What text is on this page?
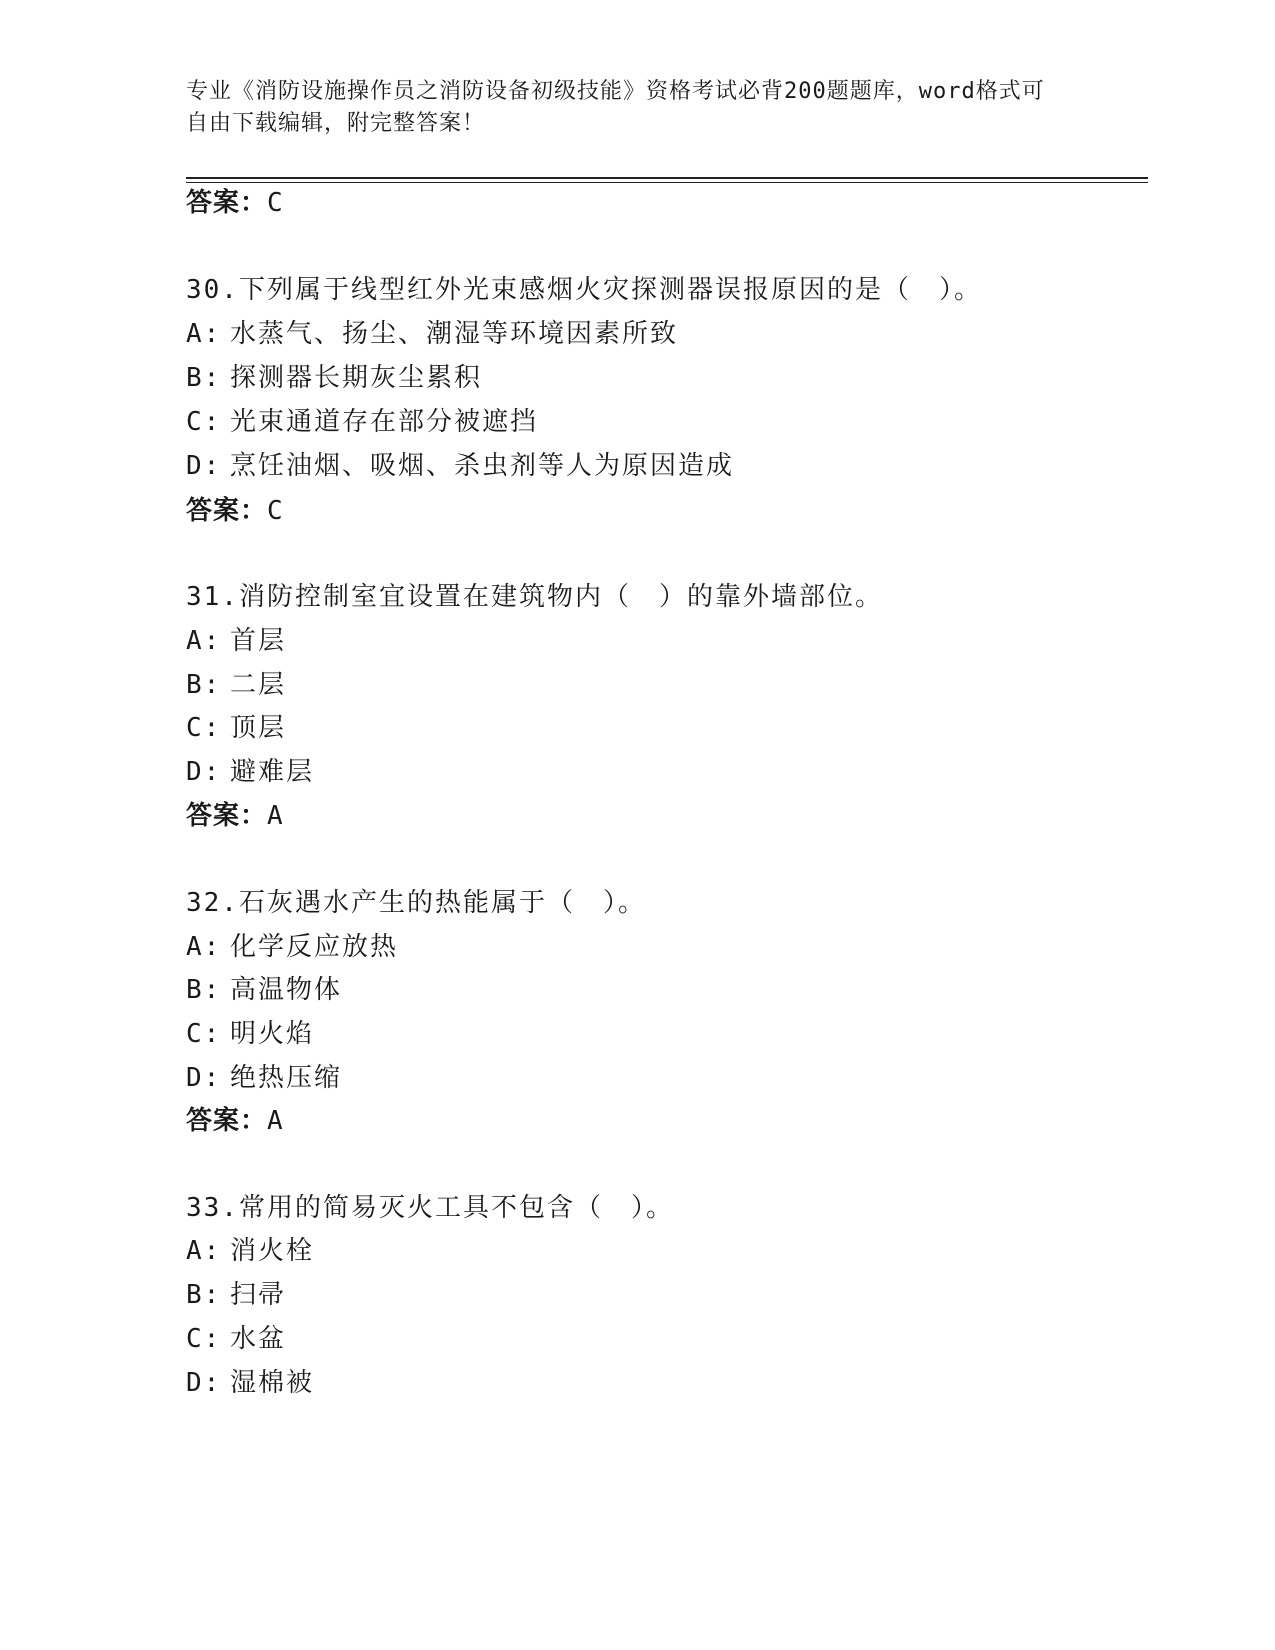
专业《消防设施操作员之消防设备初级技能》资格考试必背200题题库，word格式可自由下载编辑，附完整答案！
答案：C
30.下列属于线型红外光束感烟火灾探测器误报原因的是（　）。
A: 水蒸气、扬尘、潮湿等环境因素所致
B: 探测器长期灰尘累积
C: 光束通道存在部分被遮挡
D: 烹饪油烟、吸烟、杀虫剂等人为原因造成
答案：C
31.消防控制室宜设置在建筑物内（　）的靠外墙部位。
A: 首层
B: 二层
C: 顶层
D: 避难层
答案：A
32.石灰遇水产生的热能属于（　）。
A: 化学反应放热
B: 高温物体
C: 明火焰
D: 绝热压缩
答案：A
33.常用的简易灭火工具不包含（　）。
A: 消火栓
B: 扫帚
C: 水盆
D: 湿棉被
